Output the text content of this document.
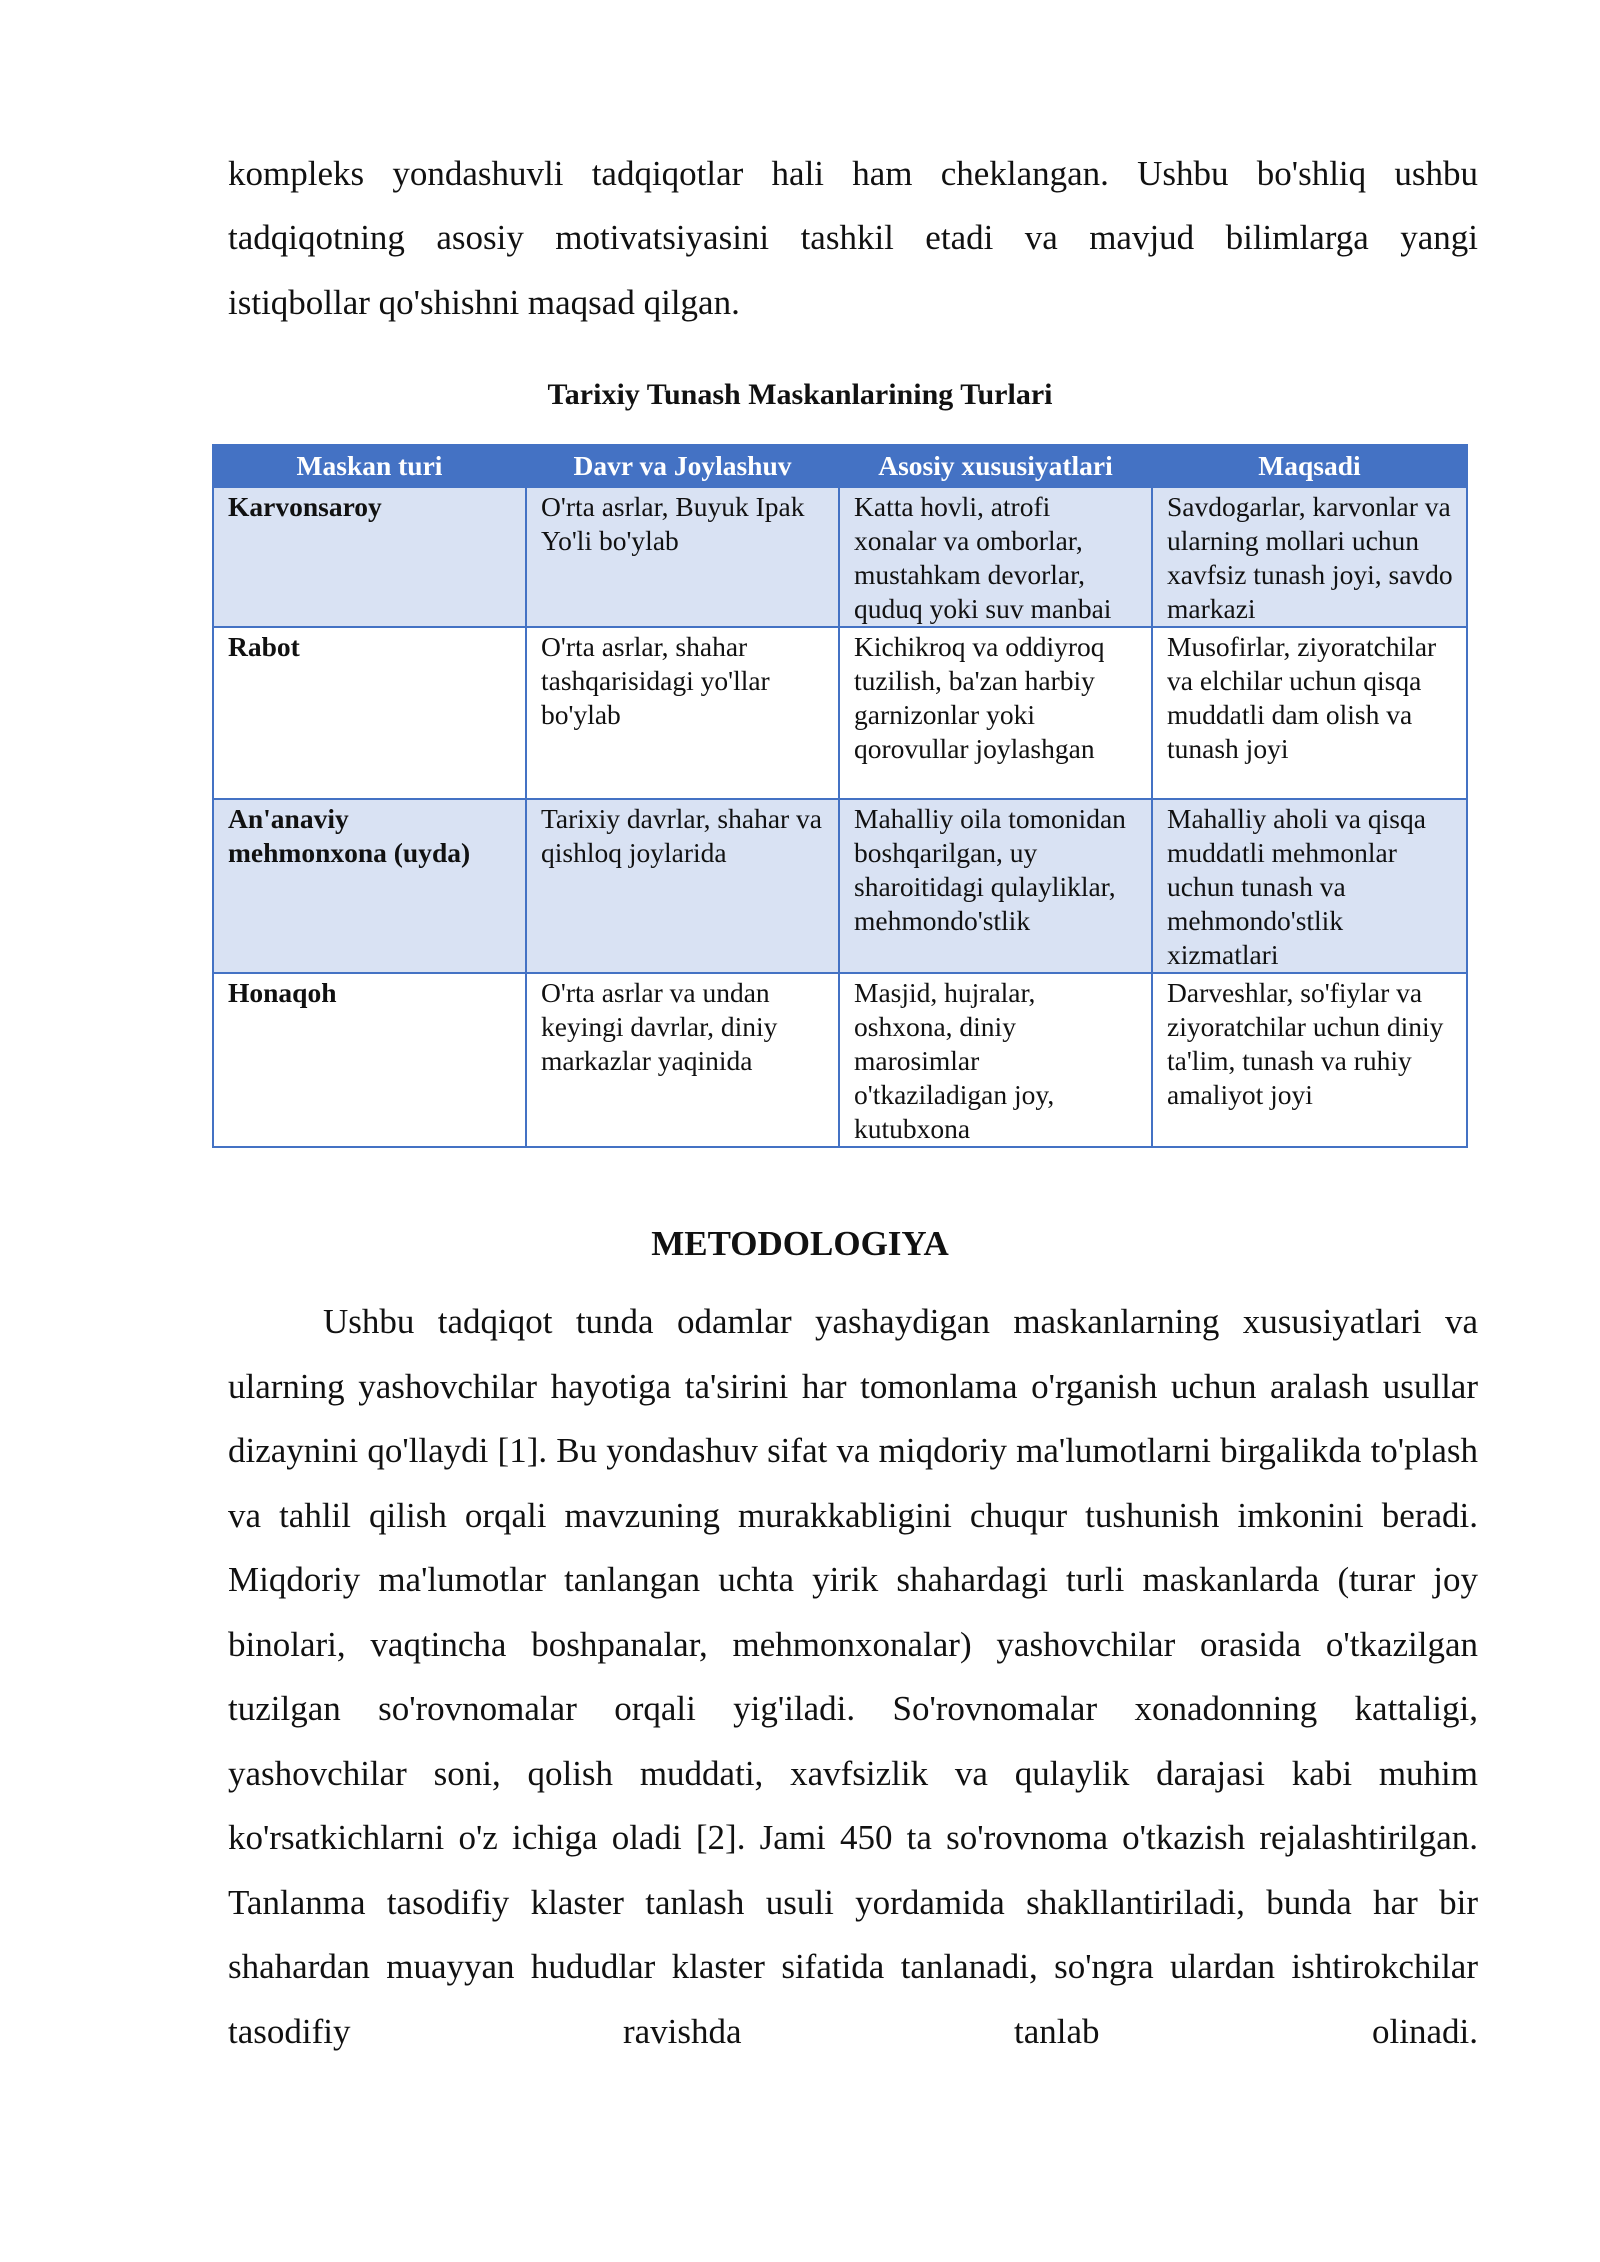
kompleks yondashuvli tadqiqotlar hali ham cheklangan. Ushbu bo'shliq ushbu

tadqiqotning asosiy motivatsiyasini tashkil etadi va mavjud bilimlarga yangi

istiqbollar qo'shishni maqsad qilgan.

Tarixiy Tunash Maskanlarining Turlari

Maskan turi	Davr va Joylashuv	Asosiy xususiyatlari	Maqsadi
Karvonsaroy	O'rta asrlar, Buyuk Ipak Yo'li bo'ylab	Katta hovli, atrofi xonalar va omborlar, mustahkam devorlar, quduq yoki suv manbai	Savdogarlar, karvonlar va ularning mollari uchun xavfsiz tunash joyi, savdo markazi
Rabot	O'rta asrlar, shahar tashqarisidagi yo'llar bo'ylab	Kichikroq va oddiyroq tuzilish, ba'zan harbiy garnizonlar yoki qorovullar joylashgan	Musofirlar, ziyoratchilar va elchilar uchun qisqa muddatli dam olish va tunash joyi
An'anaviy mehmonxona (uyda)	Tarixiy davrlar, shahar va qishloq joylarida	Mahalliy oila tomonidan boshqarilgan, uy sharoitidagi qulayliklar, mehmondo'stlik	Mahalliy aholi va qisqa muddatli mehmonlar uchun tunash va mehmondo'stlik xizmatlari
Honaqoh	O'rta asrlar va undan keyingi davrlar, diniy markazlar yaqinida	Masjid, hujralar, oshxona, diniy marosimlar o'tkaziladigan joy, kutubxona	Darveshlar, so'fiylar va ziyoratchilar uchun diniy ta'lim, tunash va ruhiy amaliyot joyi
METODOLOGIYA

Ushbu tadqiqot tunda odamlar yashaydigan maskanlarning xususiyatlari va ularning yashovchilar hayotiga ta'sirini har tomonlama o'rganish uchun aralash usullar dizaynini qo'llaydi [1]. Bu yondashuv sifat va miqdoriy ma'lumotlarni birgalikda to'plash va tahlil qilish orqali mavzuning murakkabligini chuqur tushunish imkonini beradi. Miqdoriy ma'lumotlar tanlangan uchta yirik shahardagi turli maskanlarda (turar joy binolari, vaqtincha boshpanalar, mehmonxonalar) yashovchilar orasida o'tkazilgan tuzilgan so'rovnomalar orqali yig'iladi. So'rovnomalar xonadonning kattaligi, yashovchilar soni, qolish muddati, xavfsizlik va qulaylik darajasi kabi muhim ko'rsatkichlarni o'z ichiga oladi [2]. Jami 450 ta so'rovnoma o'tkazish rejalashtirilgan. Tanlanma tasodifiy klaster tanlash usuli yordamida shakllantiriladi, bunda har bir shahardan muayyan hududlar klaster sifatida tanlanadi, so'ngra ulardan ishtirokchilar tasodifiy ravishda tanlab olinadi.
